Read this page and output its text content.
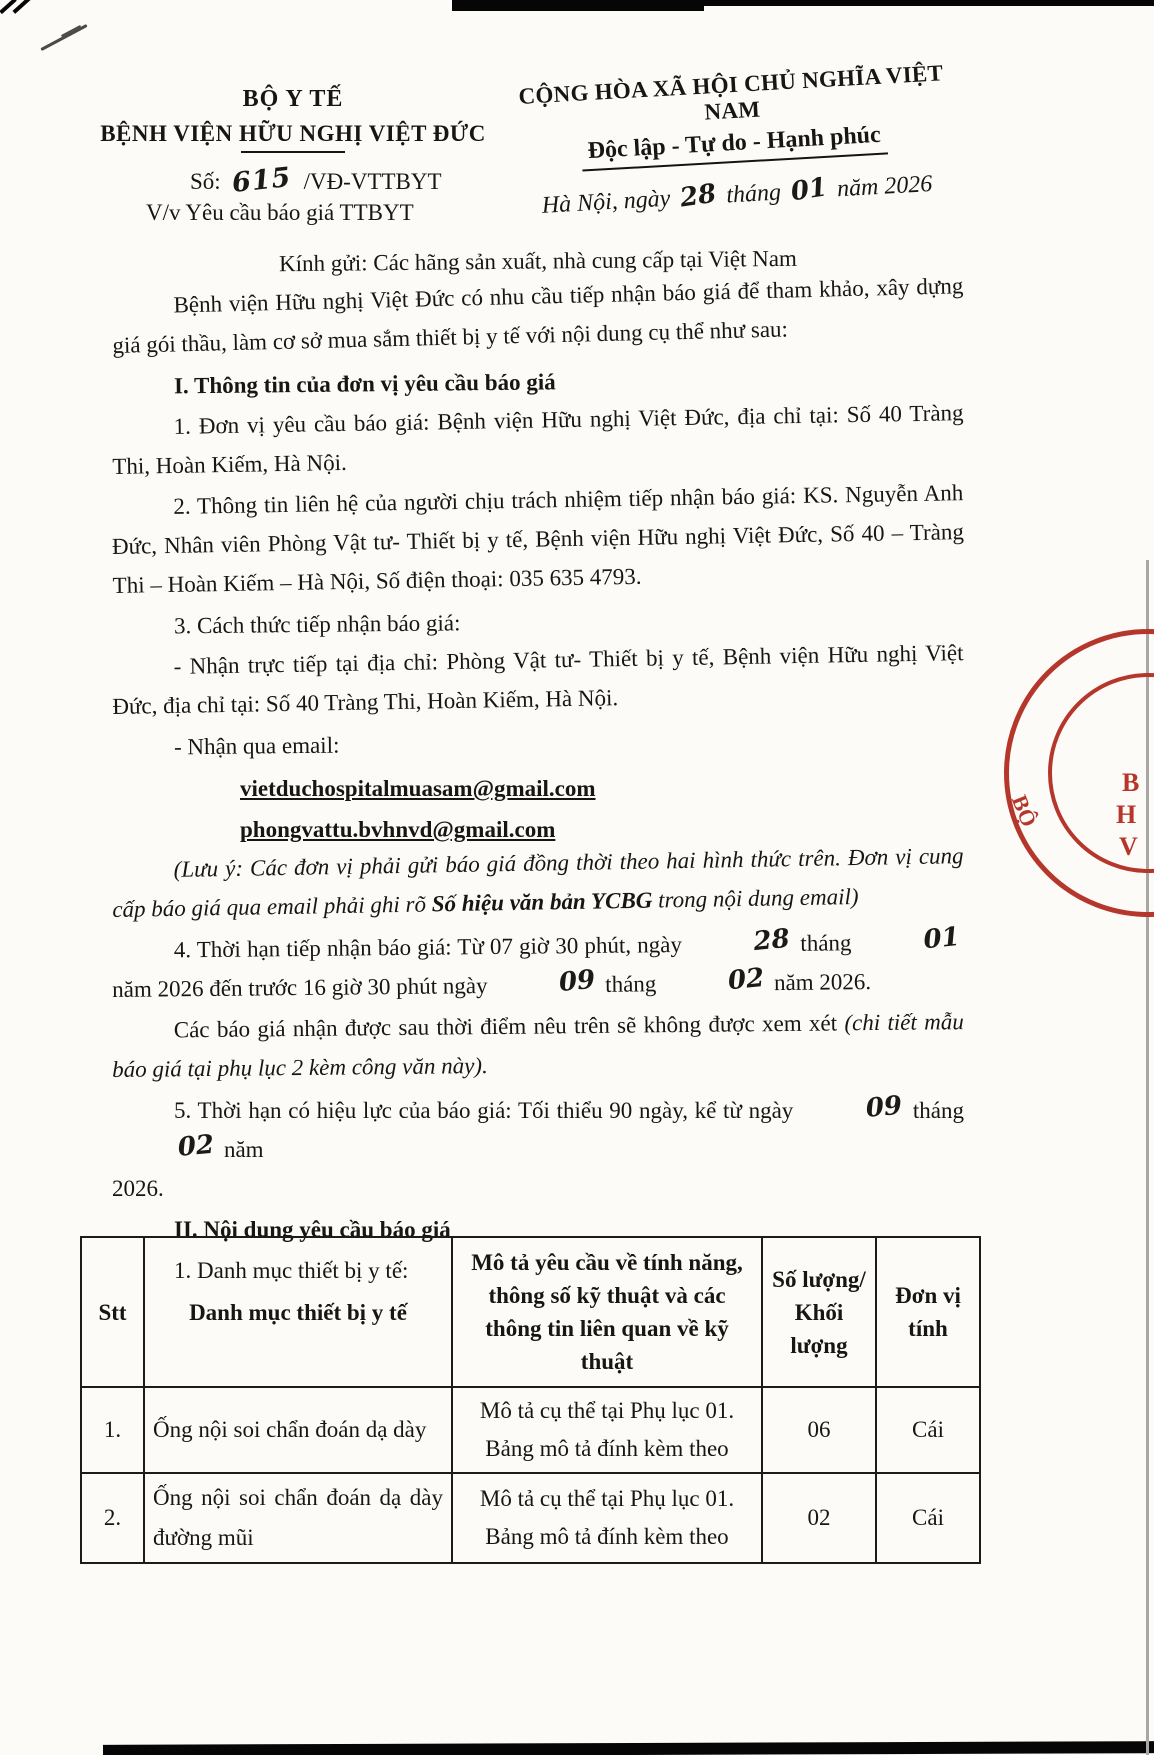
BỘ Y TẾ
BỆNH VIỆN HỮU NGHỊ VIỆT ĐỨC
Số: 615 /VĐ-VTTBYT
V/v Yêu cầu báo giá TTBYT
CỘNG HÒA XÃ HỘI CHỦ NGHĨA VIỆT NAM
Độc lập - Tự do - Hạnh phúc
Hà Nội, ngày 28 tháng 01 năm 2026

Kính gửi: Các hãng sản xuất, nhà cung cấp tại Việt Nam

Bệnh viện Hữu nghị Việt Đức có nhu cầu tiếp nhận báo giá để tham khảo, xây dựng giá gói thầu, làm cơ sở mua sắm thiết bị y tế với nội dung cụ thể như sau:

I. Thông tin của đơn vị yêu cầu báo giá

1. Đơn vị yêu cầu báo giá: Bệnh viện Hữu nghị Việt Đức, địa chỉ tại: Số 40 Tràng Thi, Hoàn Kiếm, Hà Nội.

2. Thông tin liên hệ của người chịu trách nhiệm tiếp nhận báo giá: KS. Nguyễn Anh Đức, Nhân viên Phòng Vật tư- Thiết bị y tế, Bệnh viện Hữu nghị Việt Đức, Số 40 – Tràng Thi – Hoàn Kiếm – Hà Nội, Số điện thoại: 035 635 4793.

3. Cách thức tiếp nhận báo giá:

- Nhận trực tiếp tại địa chỉ: Phòng Vật tư- Thiết bị y tế, Bệnh viện Hữu nghị Việt Đức, địa chỉ tại: Số 40 Tràng Thi, Hoàn Kiếm, Hà Nội.

- Nhận qua email:

vietduchospitalmuasam@gmail.com

phongvattu.bvhnvd@gmail.com

(Lưu ý: Các đơn vị phải gửi báo giá đồng thời theo hai hình thức trên. Đơn vị cung cấp báo giá qua email phải ghi rõ Số hiệu văn bản YCBG trong nội dung email)

4. Thời hạn tiếp nhận báo giá: Từ 07 giờ 30 phút, ngày	28 tháng	01 năm 2026 đến trước 16 giờ 30 phút ngày	09 tháng	02 năm 2026.

Các báo giá nhận được sau thời điểm nêu trên sẽ không được xem xét (chi tiết mẫu báo giá tại phụ lục 2 kèm công văn này).

5. Thời hạn có hiệu lực của báo giá: Tối thiểu 90 ngày, kể từ ngày	09 tháng 02 năm
2026.

II. Nội dung yêu cầu báo giá

1. Danh mục thiết bị y tế:

Stt	Danh mục thiết bị y tế	Mô tả yêu cầu về tính năng, thông số kỹ thuật và các thông tin liên quan về kỹ thuật	Số lượng/ Khối lượng	Đơn vị tính
1.	Ống nội soi chẩn đoán dạ dày	Mô tả cụ thể tại Phụ lục 01. Bảng mô tả đính kèm theo	06	Cái
2.	Ống nội soi chẩn đoán dạ dày đường mũi	Mô tả cụ thể tại Phụ lục 01. Bảng mô tả đính kèm theo	02	Cái
BỘ
B
H
V
